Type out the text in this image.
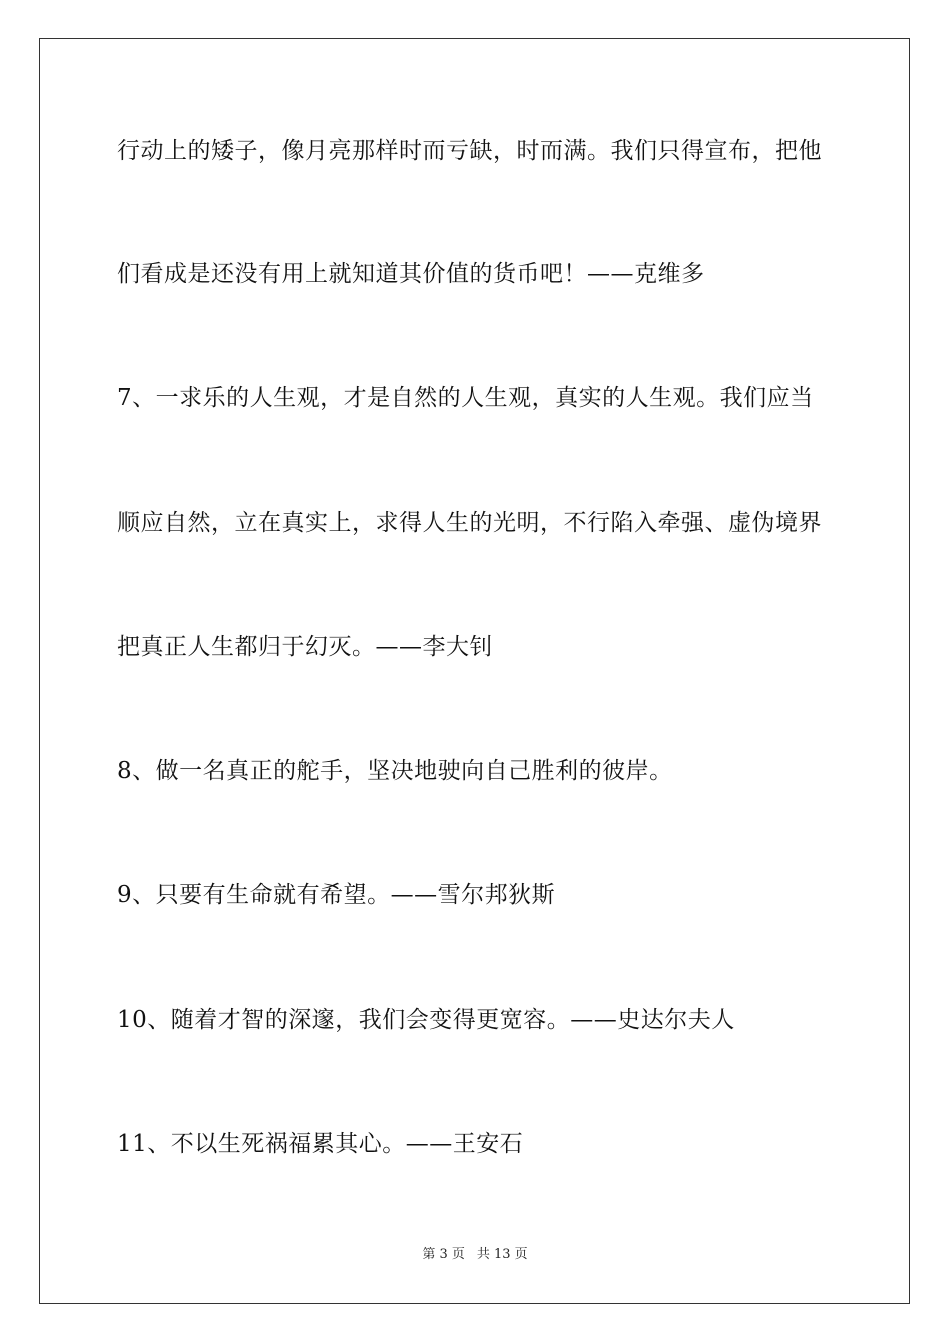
行动上的矮子，像月亮那样时而亏缺，时而满。我们只得宣布，把他
们看成是还没有用上就知道其价值的货币吧！——克维多
7、一求乐的人生观，才是自然的人生观，真实的人生观。我们应当
顺应自然，立在真实上，求得人生的光明，不行陷入牵强、虚伪境界
把真正人生都归于幻灭。——李大钊
8、做一名真正的舵手，坚决地驶向自己胜利的彼岸。
9、只要有生命就有希望。——雪尔邦狄斯
10、随着才智的深邃，我们会变得更宽容。——史达尔夫人
11、不以生死祸福累其心。——王安石
第 3 页 共 13 页
